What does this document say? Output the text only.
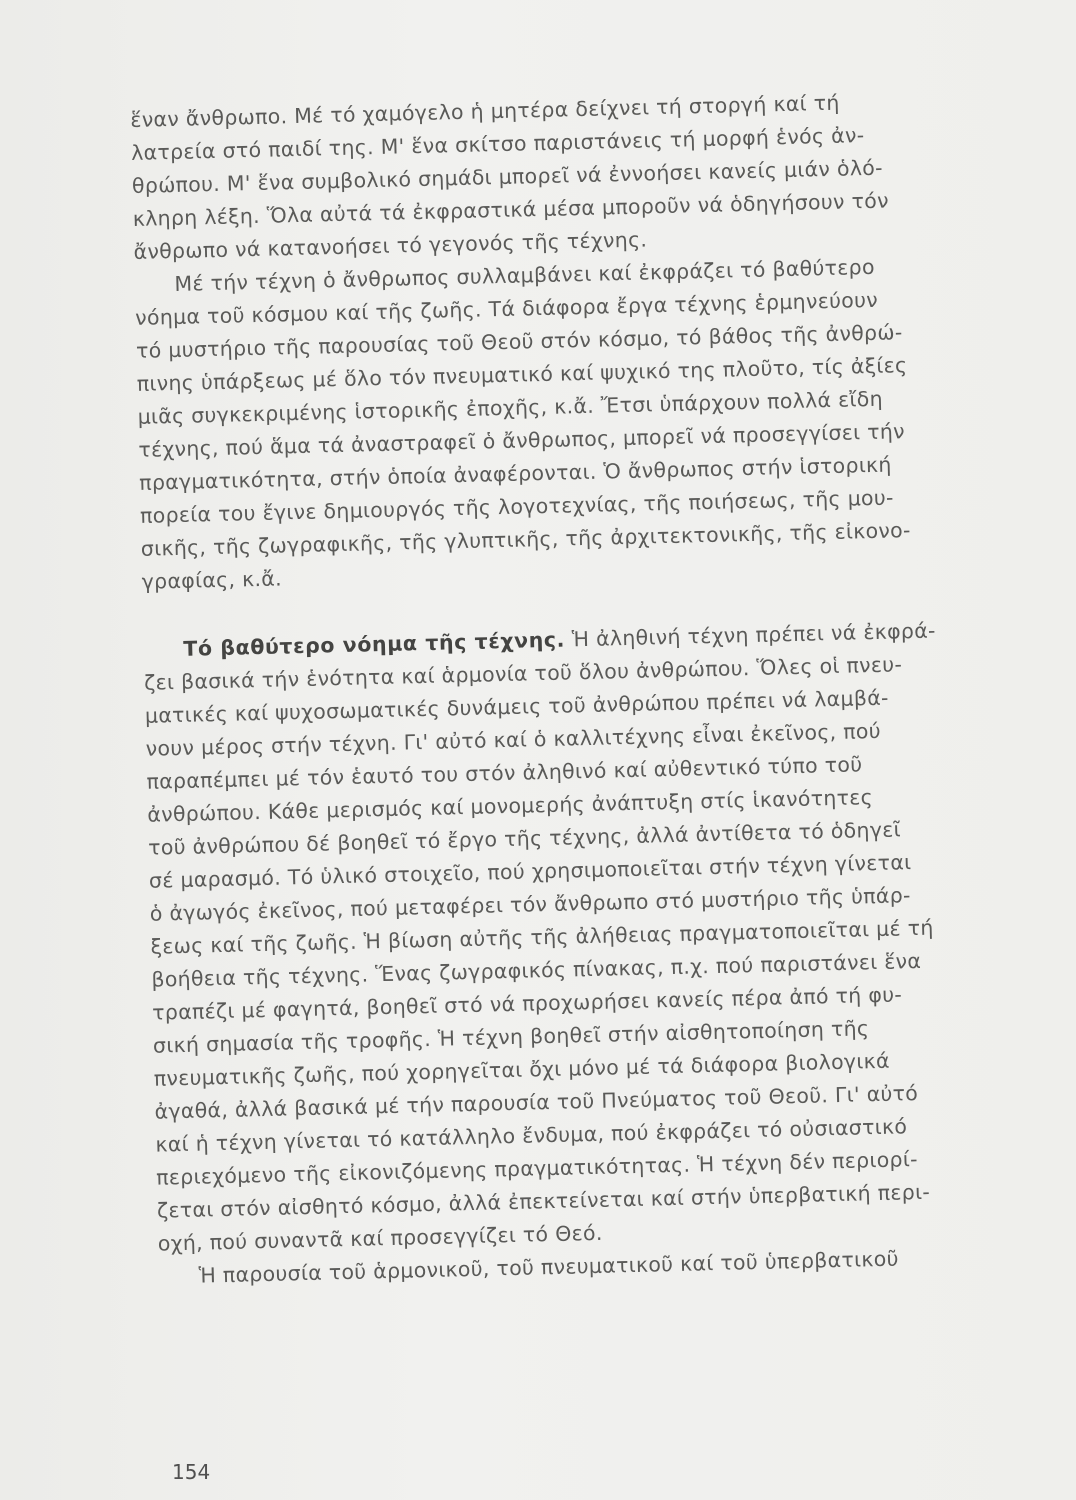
ἕναν ἄνθρωπο. Μέ τό χαμόγελο ἡ μητέρα δείχνει τή στοργή καί τή
λατρεία στό παιδί της. Μ' ἕνα σκίτσο παριστάνεις τή μορφή ἑνός ἀν-
θρώπου. Μ' ἕνα συμβολικό σημάδι μπορεῖ νά ἐννοήσει κανείς μιάν ὁλό-
κληρη λέξη. Ὅλα αὐτά τά ἐκφραστικά μέσα μποροῦν νά ὁδηγήσουν τόν
ἄνθρωπο νά κατανοήσει τό γεγονός τῆς τέχνης.
Μέ τήν τέχνη ὁ ἄνθρωπος συλλαμβάνει καί ἐκφράζει τό βαθύτερο
νόημα τοῦ κόσμου καί τῆς ζωῆς. Τά διάφορα ἔργα τέχνης ἑρμηνεύουν
τό μυστήριο τῆς παρουσίας τοῦ Θεοῦ στόν κόσμο, τό βάθος τῆς ἀνθρώ-
πινης ὑπάρξεως μέ ὅλο τόν πνευματικό καί ψυχικό της πλοῦτο, τίς ἀξίες
μιᾶς συγκεκριμένης ἱστορικῆς ἐποχῆς, κ.ἄ. Ἔτσι ὑπάρχουν πολλά εἴδη
τέχνης, πού ἅμα τά ἀναστραφεῖ ὁ ἄνθρωπος, μπορεῖ νά προσεγγίσει τήν
πραγματικότητα, στήν ὁποία ἀναφέρονται. Ὁ ἄνθρωπος στήν ἱστορική
πορεία του ἔγινε δημιουργός τῆς λογοτεχνίας, τῆς ποιήσεως, τῆς μου-
σικῆς, τῆς ζωγραφικῆς, τῆς γλυπτικῆς, τῆς ἀρχιτεκτονικῆς, τῆς εἰκονο-
γραφίας, κ.ἄ.
Τό βαθύτερο νόημα τῆς τέχνης. Ἡ ἀληθινή τέχνη πρέπει νά ἐκφρά-
ζει βασικά τήν ἑνότητα καί ἁρμονία τοῦ ὅλου ἀνθρώπου. Ὅλες οἱ πνευ-
ματικές καί ψυχοσωματικές δυνάμεις τοῦ ἀνθρώπου πρέπει νά λαμβά-
νουν μέρος στήν τέχνη. Γι' αὐτό καί ὁ καλλιτέχνης εἶναι ἐκεῖνος, πού
παραπέμπει μέ τόν ἑαυτό του στόν ἀληθινό καί αὐθεντικό τύπο τοῦ
ἀνθρώπου. Κάθε μερισμός καί μονομερής ἀνάπτυξη στίς ἱκανότητες
τοῦ ἀνθρώπου δέ βοηθεῖ τό ἔργο τῆς τέχνης, ἀλλά ἀντίθετα τό ὁδηγεῖ
σέ μαρασμό. Τό ὑλικό στοιχεῖο, πού χρησιμοποιεῖται στήν τέχνη γίνεται
ὁ ἀγωγός ἐκεῖνος, πού μεταφέρει τόν ἄνθρωπο στό μυστήριο τῆς ὑπάρ-
ξεως καί τῆς ζωῆς. Ἡ βίωση αὐτῆς τῆς ἀλήθειας πραγματοποιεῖται μέ τή
βοήθεια τῆς τέχνης. Ἕνας ζωγραφικός πίνακας, π.χ. πού παριστάνει ἕνα
τραπέζι μέ φαγητά, βοηθεῖ στό νά προχωρήσει κανείς πέρα ἀπό τή φυ-
σική σημασία τῆς τροφῆς. Ἡ τέχνη βοηθεῖ στήν αἰσθητοποίηση τῆς
πνευματικῆς ζωῆς, πού χορηγεῖται ὄχι μόνο μέ τά διάφορα βιολογικά
ἀγαθά, ἀλλά βασικά μέ τήν παρουσία τοῦ Πνεύματος τοῦ Θεοῦ. Γι' αὐτό
καί ἡ τέχνη γίνεται τό κατάλληλο ἔνδυμα, πού ἐκφράζει τό οὐσιαστικό
περιεχόμενο τῆς εἰκονιζόμενης πραγματικότητας. Ἡ τέχνη δέν περιορί-
ζεται στόν αἰσθητό κόσμο, ἀλλά ἐπεκτείνεται καί στήν ὑπερβατική περι-
οχή, πού συναντᾶ καί προσεγγίζει τό Θεό.
Ἡ παρουσία τοῦ ἁρμονικοῦ, τοῦ πνευματικοῦ καί τοῦ ὑπερβατικοῦ
154
